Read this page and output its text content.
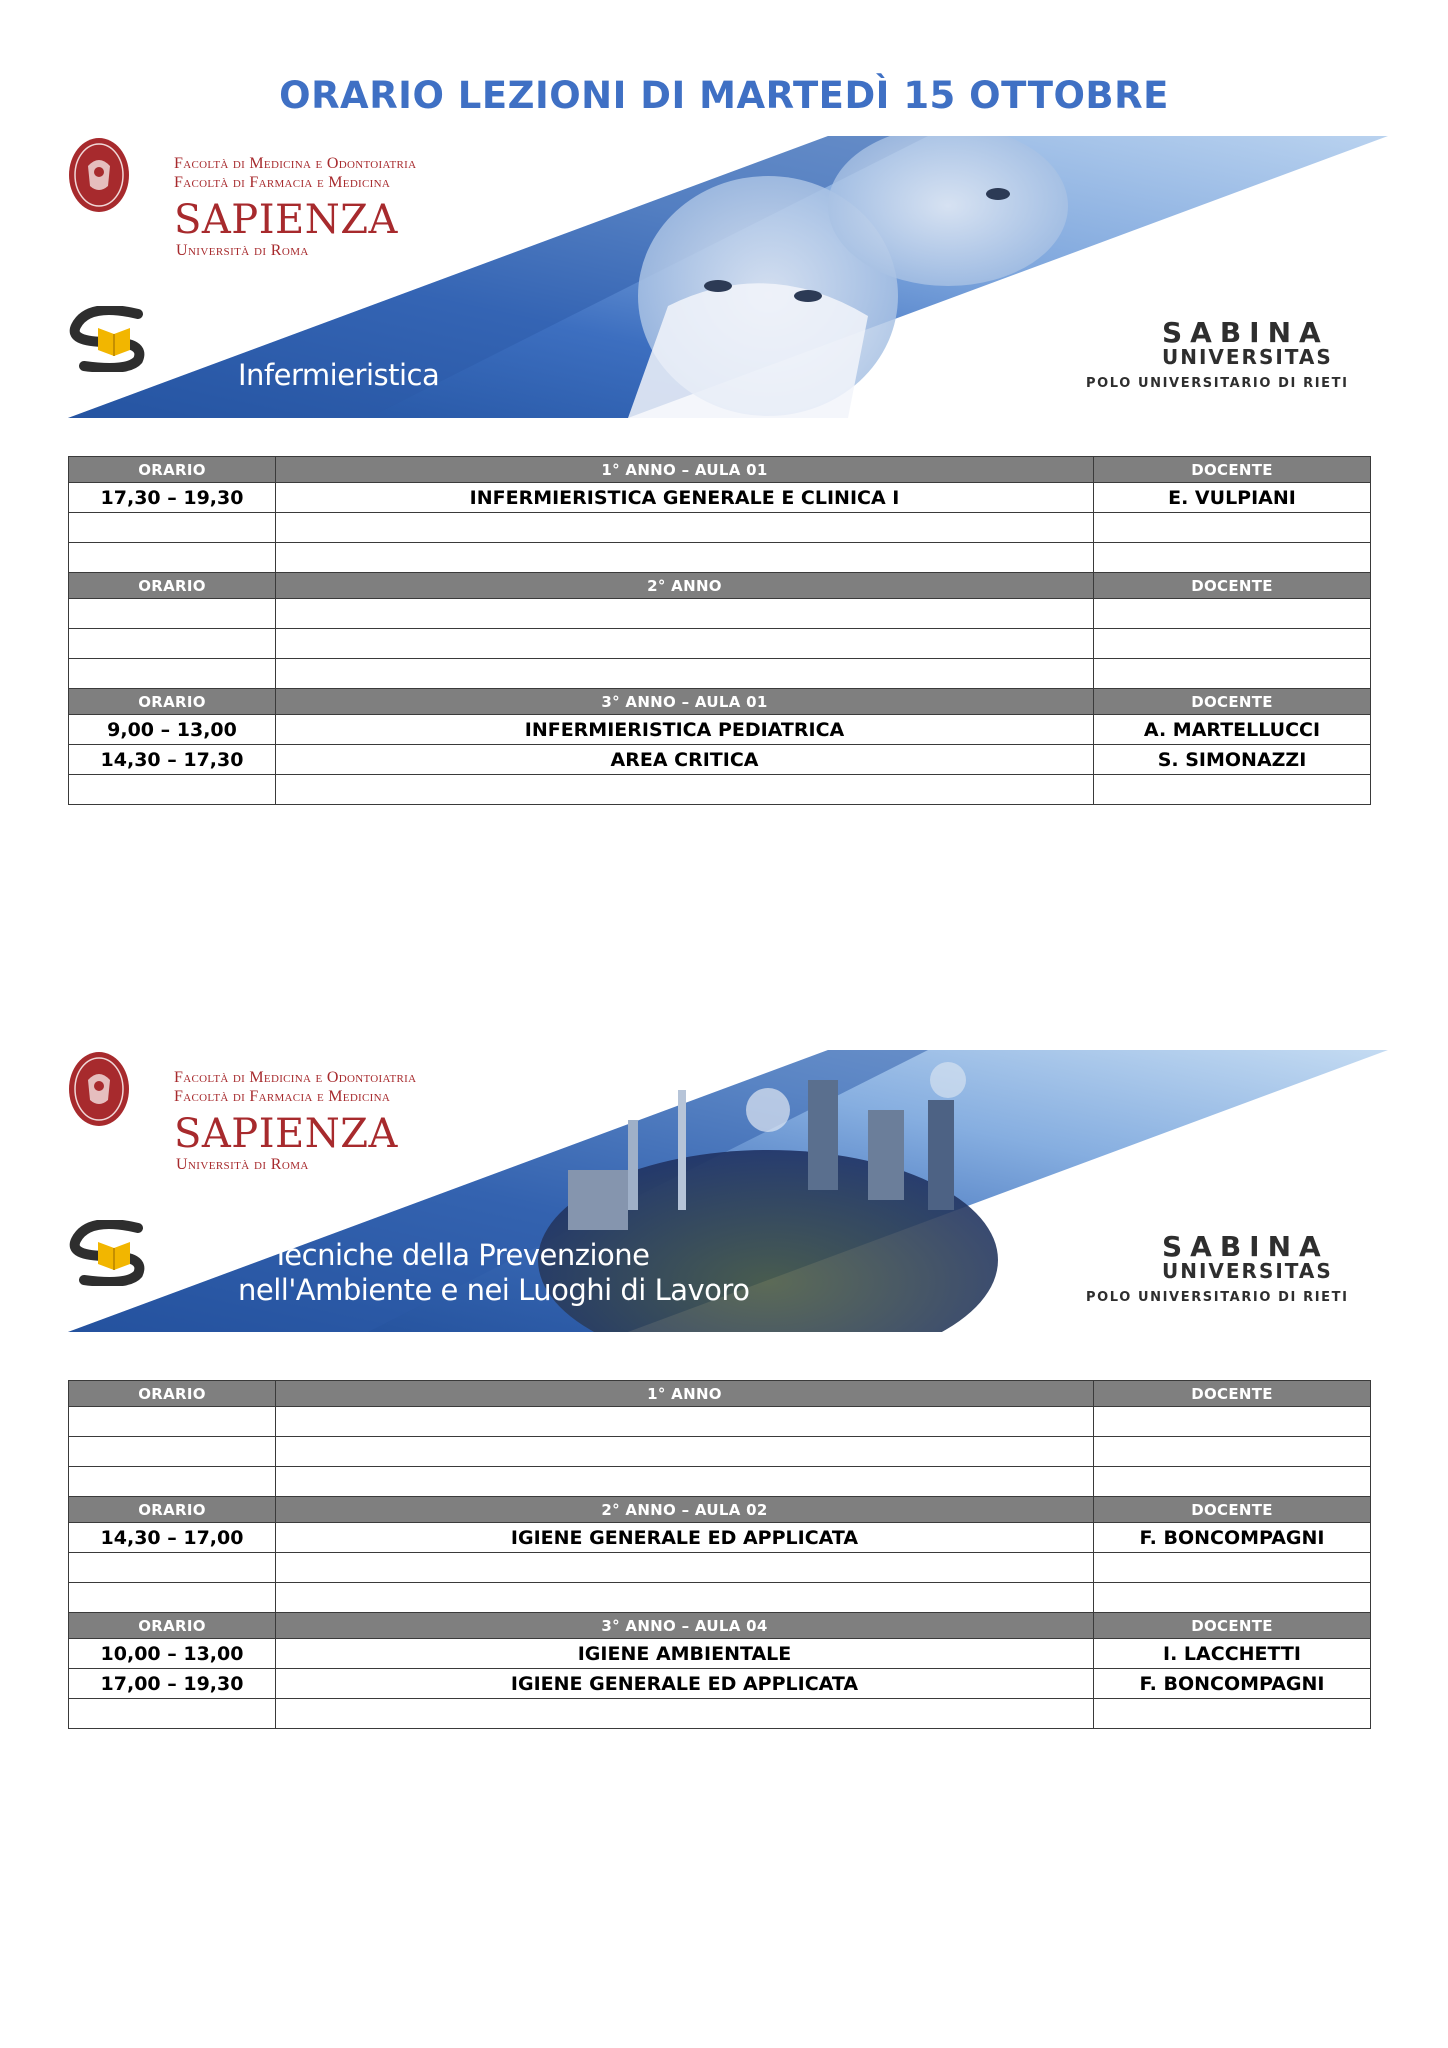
ORARIO LEZIONI DI MARTEDÌ 15 OTTOBRE
Facoltà di Medicina e Odontoiatria
Facoltà di Farmacia e Medicina
SAPIENZA
Università di Roma
Infermieristica
SABINA
UNIVERSITAS
POLO UNIVERSITARIO DI RIETI
ORARIO	1° ANNO – AULA 01	DOCENTE
17,30 – 19,30	INFERMIERISTICA GENERALE E CLINICA I	E. VULPIANI

ORARIO	2° ANNO	DOCENTE

ORARIO	3° ANNO – AULA 01	DOCENTE
9,00 – 13,00	INFERMIERISTICA PEDIATRICA	A. MARTELLUCCI
14,30 – 17,30	AREA CRITICA	S. SIMONAZZI

Facoltà di Medicina e Odontoiatria
Facoltà di Farmacia e Medicina
SAPIENZA
Università di Roma
Tecniche della Prevenzione
nell'Ambiente e nei Luoghi di Lavoro
SABINA
UNIVERSITAS
POLO UNIVERSITARIO DI RIETI
ORARIO	1° ANNO	DOCENTE

ORARIO	2° ANNO – AULA 02	DOCENTE
14,30 – 17,00	IGIENE GENERALE ED APPLICATA	F. BONCOMPAGNI

ORARIO	3° ANNO – AULA 04	DOCENTE
10,00 – 13,00	IGIENE AMBIENTALE	I. LACCHETTI
17,00 – 19,30	IGIENE GENERALE ED APPLICATA	F. BONCOMPAGNI
